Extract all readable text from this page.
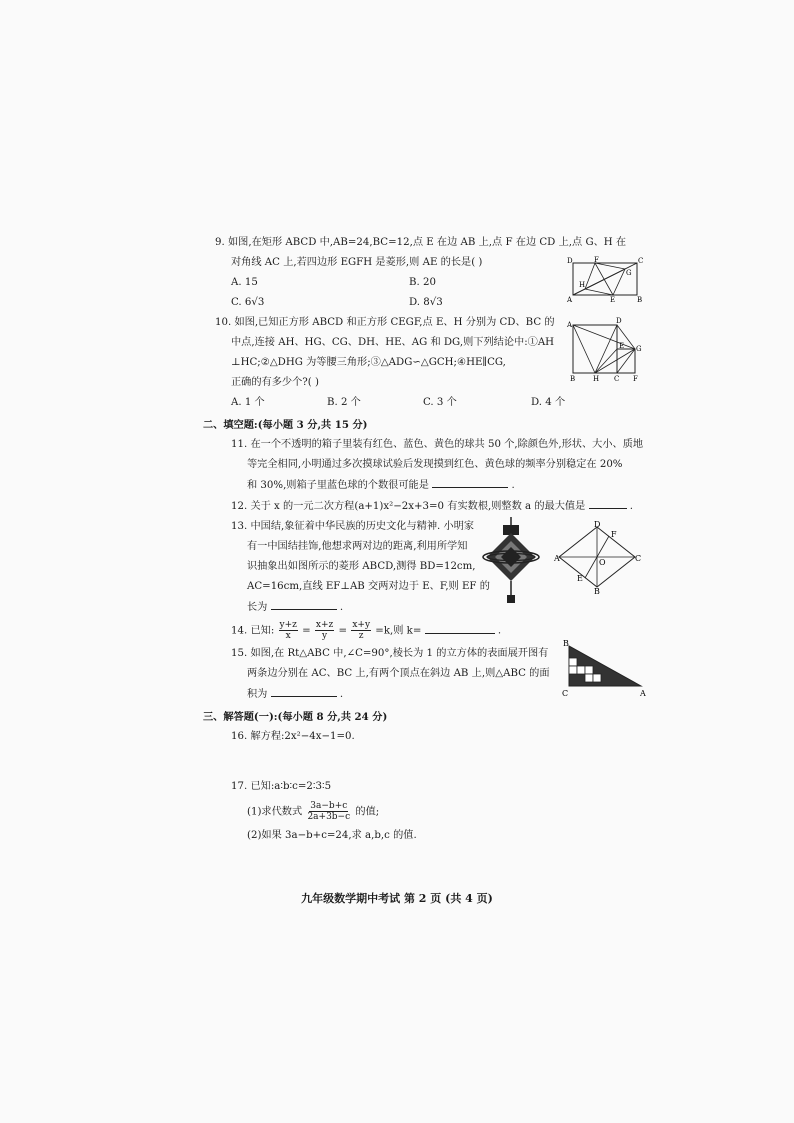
9. 如图,在矩形 ABCD 中,AB=24,BC=12,点 E 在边 AB 上,点 F 在边 CD 上,点 G、H 在
对角线 AC 上,若四边形 EGFH 是菱形,则 AE 的长是( )
A. 15	B. 20
C. 6√3	D. 8√3
D	F	C
G
H
A	E	B
10. 如图,已知正方形 ABCD 和正方形 CEGF,点 E、H 分别为 CD、BC 的
中点,连接 AH、HG、CG、DH、HE、AG 和 DG,则下列结论中:①AH
⊥HC;②△DHG 为等腰三角形;③△ADG∽△GCH;④HE∥CG,
正确的有多少个?( )
A. 1 个	B. 2 个	C. 3 个	D. 4 个
A	D
E G
B	H C F
二、填空题:(每小题 3 分,共 15 分)
11. 在一个不透明的箱子里装有红色、蓝色、黄色的球共 50 个,除颜色外,形状、大小、质地
等完全相同,小明通过多次摸球试验后发现摸到红色、黄色球的频率分别稳定在 20%
和 30%,则箱子里蓝色球的个数很可能是	.
12. 关于 x 的一元二次方程(a+1)x²−2x+3=0 有实数根,则整数 a 的最大值是	.
13. 中国结,象征着中华民族的历史文化与精神. 小明家
有一中国结挂饰,他想求两对边的距离,利用所学知
识抽象出如图所示的菱形 ABCD,测得 BD=12cm,
AC=16cm,直线 EF⊥AB 交两对边于 E、F,则 EF 的
长为	.
D
F
A	O	C
E
B
14. 已知: $\frac{y+z}{x} = \frac{x+z}{y} = \frac{x+y}{z} =k$,则 k=	.
15. 如图,在 Rt△ABC 中,∠C=90°,棱长为 1 的立方体的表面展开图有
两条边分别在 AC、BC 上,有两个顶点在斜边 AB 上,则△ABC 的面
积为	.
B
C	A
三、解答题(一):(每小题 8 分,共 24 分)
16. 解方程:2x²−4x−1=0.
17. 已知:a∶b∶c=2∶3∶5
(1)求代数式 $\frac{3a-b+c}{2a+3b-c}$ 的值;
(2)如果 3a−b+c=24,求 a,b,c 的值.
九年级数学期中考试 第 2 页 (共 4 页)
